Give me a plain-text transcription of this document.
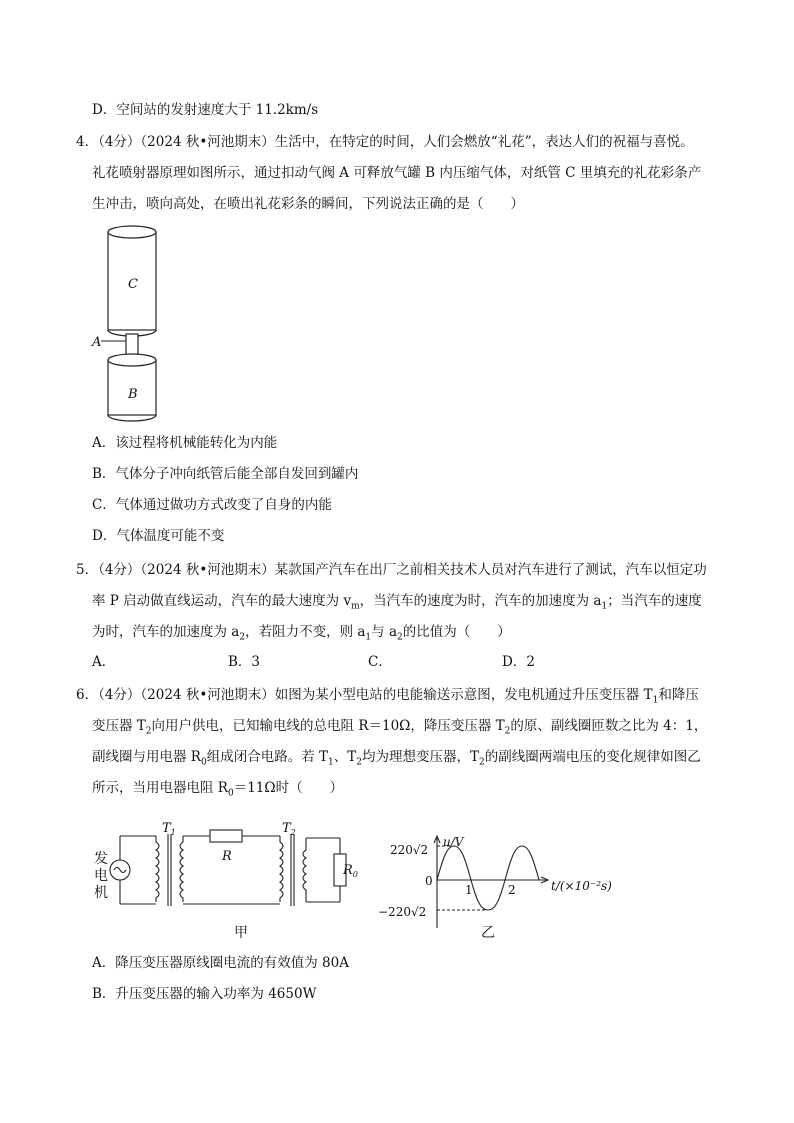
D．空间站的发射速度大于 11.2km/s
4．（4分）（2024 秋•河池期末）生活中，在特定的时间，人们会燃放“礼花”，表达人们的祝福与喜悦。
礼花喷射器原理如图所示，通过扣动气阀 A 可释放气罐 B 内压缩气体，对纸管 C 里填充的礼花彩条产
生冲击，喷向高处，在喷出礼花彩条的瞬间，下列说法正确的是（　　）
C
A
B
A．该过程将机械能转化为内能
B．气体分子冲向纸管后能全部自发回到罐内
C．气体通过做功方式改变了自身的内能
D．气体温度可能不变
5．（4分）（2024 秋•河池期末）某款国产汽车在出厂之前相关技术人员对汽车进行了测试，汽车以恒定功
率 P 启动做直线运动，汽车的最大速度为 $v_m$，当汽车的速度为时，汽车的加速度为 $a_1$；当汽车的速度
为时，汽车的加速度为 $a_2$，若阻力不变，则 $a_1$与 $a_2$的比值为（　　）
A．	B．3	C．	D．2
6．（4分）（2024 秋•河池期末）如图为某小型电站的电能输送示意图，发电机通过升压变压器 $T_1$和降压
变压器 $T_2$向用户供电，已知输电线的总电阻 R＝10Ω，降压变压器 $T_2$的原、副线圈匝数之比为 4：1，
副线圈与用电器 $R_0$组成闭合电路。若 $T_1$、$T_2$均为理想变压器，$T_2$的副线圈两端电压的变化规律如图乙
所示，当用电器电阻 $R_0=11\Omega$时（　　）
发
电
机
$T_1$
R
$T_2$
$R_0$
甲
u/V
220√2
0
−220√2
1	2	t/(×10⁻²s)
乙
A．降压变压器原线圈电流的有效值为 80A
B．升压变压器的输入功率为 4650W
